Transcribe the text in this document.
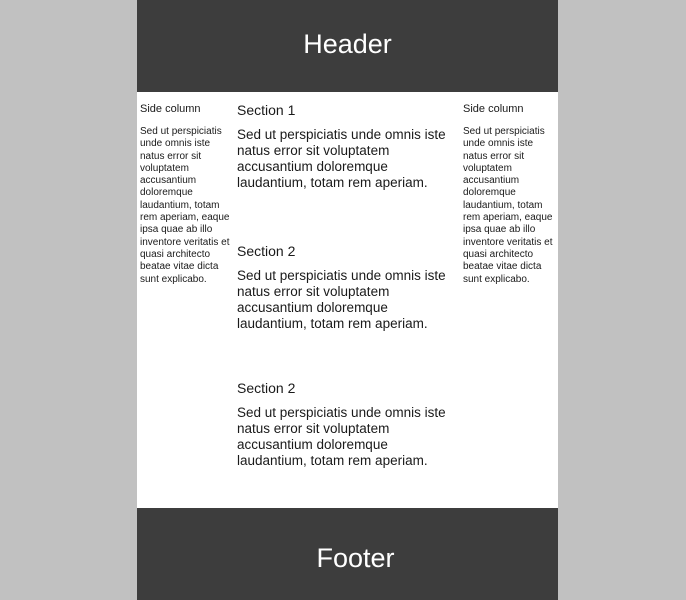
Header

Side column

Sed ut perspiciatis unde omnis iste natus error sit voluptatem accusantium doloremque laudantium, totam rem aperiam, eaque ipsa quae ab illo inventore veritatis et quasi architecto beatae vitae dicta sunt explicabo.

Section 1

Sed ut perspiciatis unde omnis iste natus error sit voluptatem accusantium doloremque laudantium, totam rem aperiam.

Section 2

Sed ut perspiciatis unde omnis iste natus error sit voluptatem accusantium doloremque laudantium, totam rem aperiam.

Section 2

Sed ut perspiciatis unde omnis iste natus error sit voluptatem accusantium doloremque laudantium, totam rem aperiam.

Side column

Sed ut perspiciatis unde omnis iste natus error sit voluptatem accusantium doloremque laudantium, totam rem aperiam, eaque ipsa quae ab illo inventore veritatis et quasi architecto beatae vitae dicta sunt explicabo.

Footer
